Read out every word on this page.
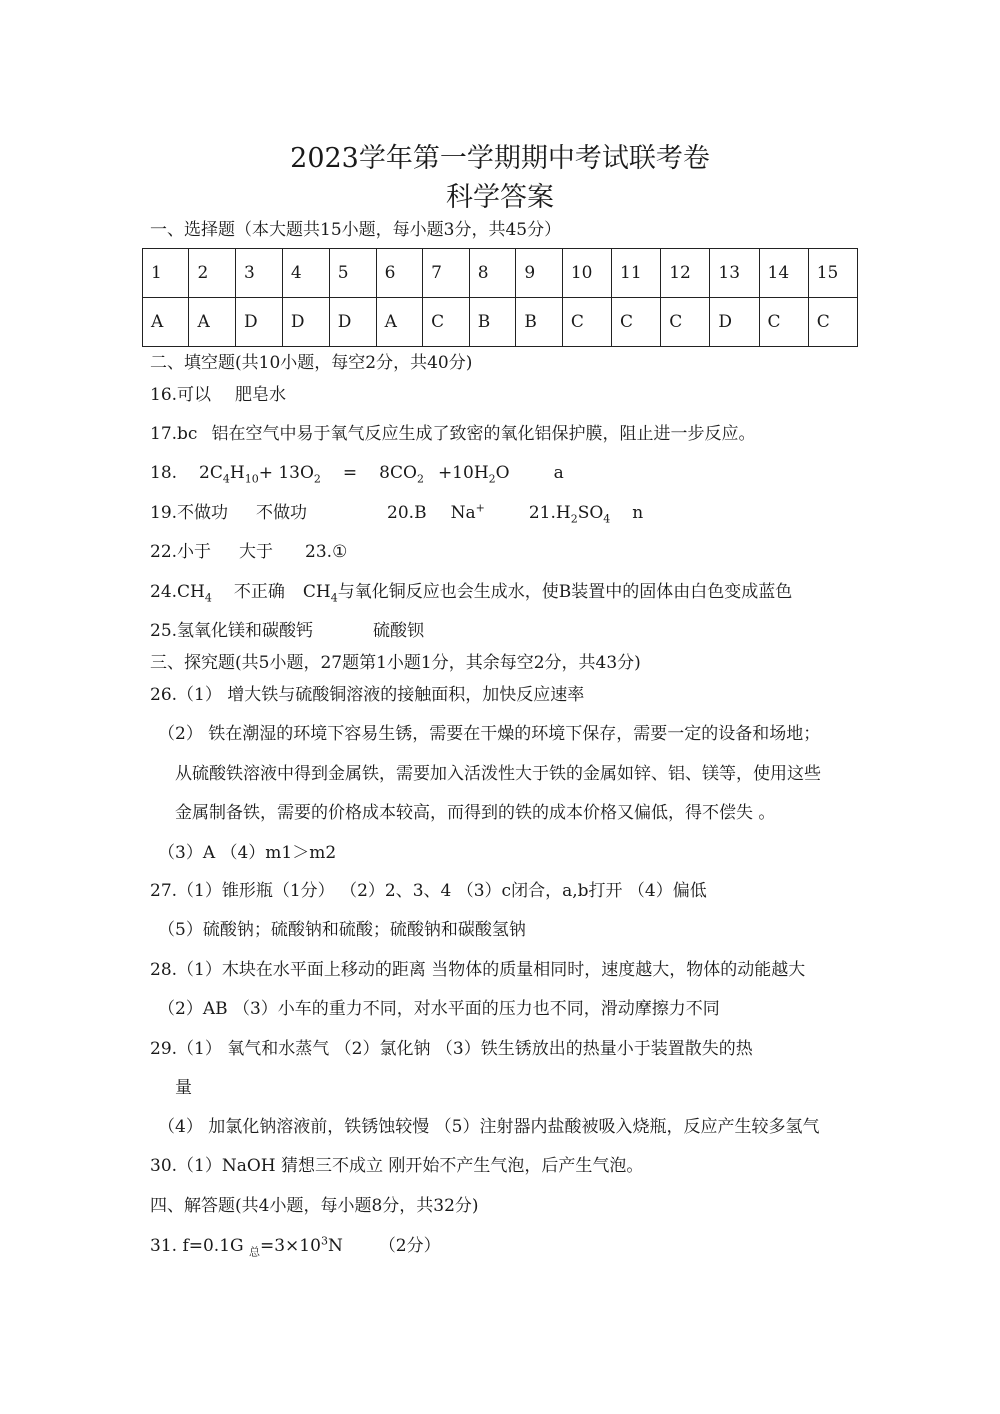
2023学年第一学期期中考试联考卷
科学答案
一、选择题（本大题共15小题，每小题3分，共45分）
1	2	3	4	5	6	7	8	9	10	11	12	13	14	15
A	A	D	D	D	A	C	B	B	C	C	C	D	C	C
二、填空题(共10小题，每空2分，共40分)
16.可以 肥皂水
17.bc 铝在空气中易于氧气反应生成了致密的氧化铝保护膜，阻止进一步反应。
18. $2C_4H_{10}+ 13O_2 = 8CO_2 +10H_2O$	a
19.不做功 不做功	20.B Na+	$21.H_2SO_4$ n
22.小于 大于 23.①
$24.CH_4$ 不正确 $CH_4$与氧化铜反应也会生成水，使B装置中的固体由白色变成蓝色
25.氢氧化镁和碳酸钙	硫酸钡
三、探究题(共5小题，27题第1小题1分，其余每空2分，共43分)
26.（1） 增大铁与硫酸铜溶液的接触面积，加快反应速率
（2） 铁在潮湿的环境下容易生锈，需要在干燥的环境下保存，需要一定的设备和场地；
从硫酸铁溶液中得到金属铁，需要加入活泼性大于铁的金属如锌、铝、镁等，使用这些
金属制备铁，需要的价格成本较高，而得到的铁的成本价格又偏低，得不偿失 。
（3）A （4）m1＞m2
27.（1）锥形瓶（1分） （2）2、3、4 （3）c闭合，a,b打开 （4）偏低
（5）硫酸钠；硫酸钠和硫酸；硫酸钠和碳酸氢钠
28.（1）木块在水平面上移动的距离 当物体的质量相同时，速度越大，物体的动能越大
（2）AB （3）小车的重力不同，对水平面的压力也不同，滑动摩擦力不同
29.（1） 氧气和水蒸气 （2）氯化钠 （3）铁生锈放出的热量小于装置散失的热
量
（4） 加氯化钠溶液前，铁锈蚀较慢 （5）注射器内盐酸被吸入烧瓶，反应产生较多氢气
30.（1）NaOH 猜想三不成立 刚开始不产生气泡，后产生气泡。
四、解答题(共4小题，每小题8分，共32分)
31. f=0.1G $_总=3\times 10^3N$ （2分）
